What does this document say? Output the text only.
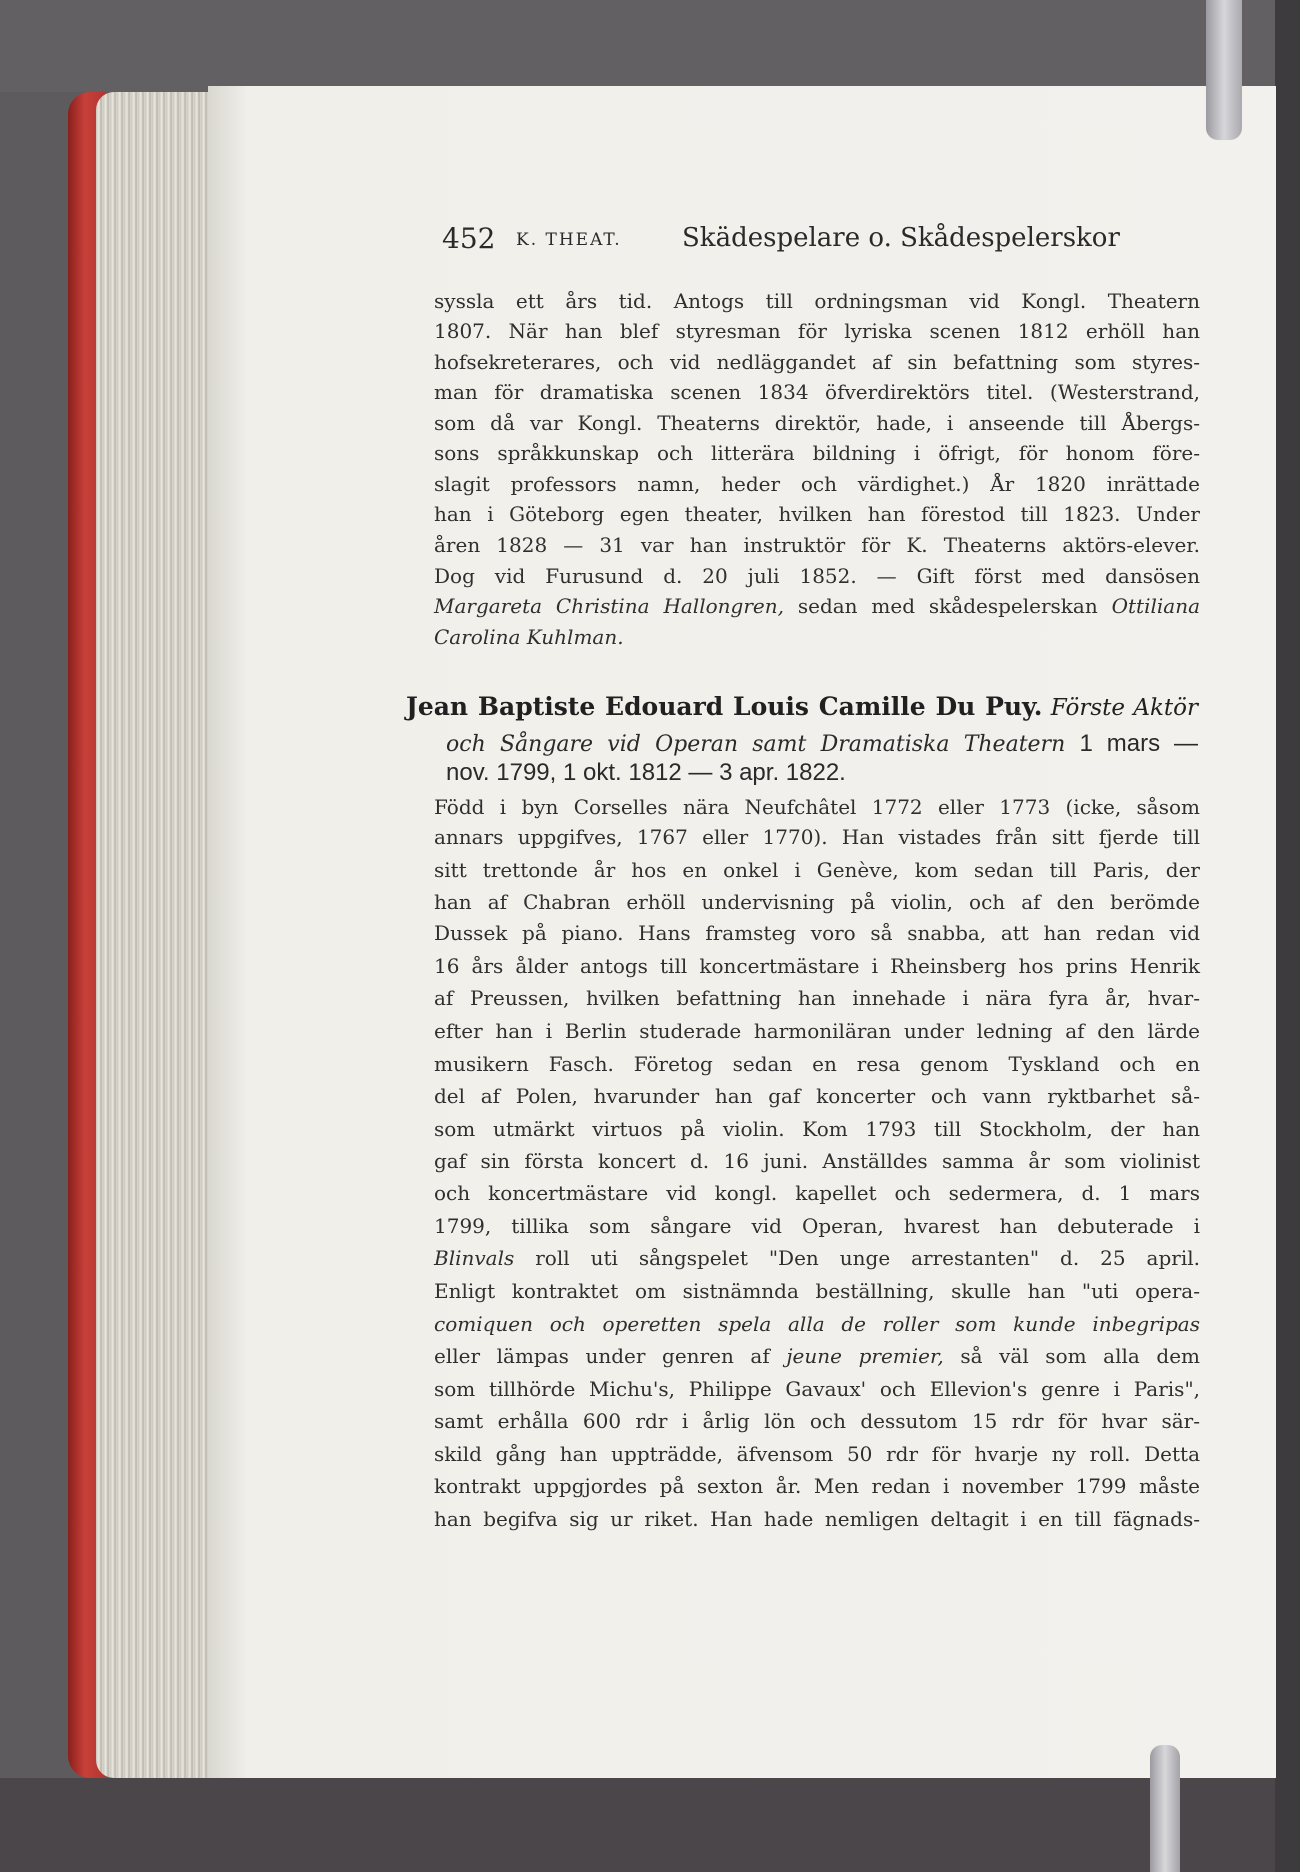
452 K. THEAT. Skädespelare o. Skådespelerskor
syssla ett års tid. Antogs till ordningsman vid Kongl. Theatern
1807. När han blef styresman för lyriska scenen 1812 erhöll han
hofsekreterares, och vid nedläggandet af sin befattning som styres-
man för dramatiska scenen 1834 öfverdirektörs titel. (Westerstrand,
som då var Kongl. Theaterns direktör, hade, i anseende till Åbergs-
sons språkkunskap och litterära bildning i öfrigt, för honom före-
slagit professors namn, heder och värdighet.) År 1820 inrättade
han i Göteborg egen theater, hvilken han förestod till 1823. Under
åren 1828 — 31 var han instruktör för K. Theaterns aktörs-elever.
Dog vid Furusund d. 20 juli 1852. — Gift först med dansösen
Margareta Christina Hallongren, sedan med skådespelerskan Ottiliana
Carolina Kuhlman.
Jean Baptiste Edouard Louis Camille Du Puy. Förste Aktör
och Sångare vid Operan samt Dramatiska Theatern 1 mars —
nov. 1799, 1 okt. 1812 — 3 apr. 1822.
Född i byn Corselles nära Neufchâtel 1772 eller 1773 (icke, såsom
annars uppgifves, 1767 eller 1770). Han vistades från sitt fjerde till
sitt trettonde år hos en onkel i Genève, kom sedan till Paris, der
han af Chabran erhöll undervisning på violin, och af den berömde
Dussek på piano. Hans framsteg voro så snabba, att han redan vid
16 års ålder antogs till koncertmästare i Rheinsberg hos prins Henrik
af Preussen, hvilken befattning han innehade i nära fyra år, hvar-
efter han i Berlin studerade harmoniläran under ledning af den lärde
musikern Fasch. Företog sedan en resa genom Tyskland och en
del af Polen, hvarunder han gaf koncerter och vann ryktbarhet så-
som utmärkt virtuos på violin. Kom 1793 till Stockholm, der han
gaf sin första koncert d. 16 juni. Anställdes samma år som violinist
och koncertmästare vid kongl. kapellet och sedermera, d. 1 mars
1799, tillika som sångare vid Operan, hvarest han debuterade i
Blinvals roll uti sångspelet "Den unge arrestanten" d. 25 april.
Enligt kontraktet om sistnämnda beställning, skulle han "uti opera-
comiquen och operetten spela alla de roller som kunde inbegripas
eller lämpas under genren af jeune premier, så väl som alla dem
som tillhörde Michu's, Philippe Gavaux' och Ellevion's genre i Paris",
samt erhålla 600 rdr i årlig lön och dessutom 15 rdr för hvar sär-
skild gång han uppträdde, äfvensom 50 rdr för hvarje ny roll. Detta
kontrakt uppgjordes på sexton år. Men redan i november 1799 måste
han begifva sig ur riket. Han hade nemligen deltagit i en till fägnads-
